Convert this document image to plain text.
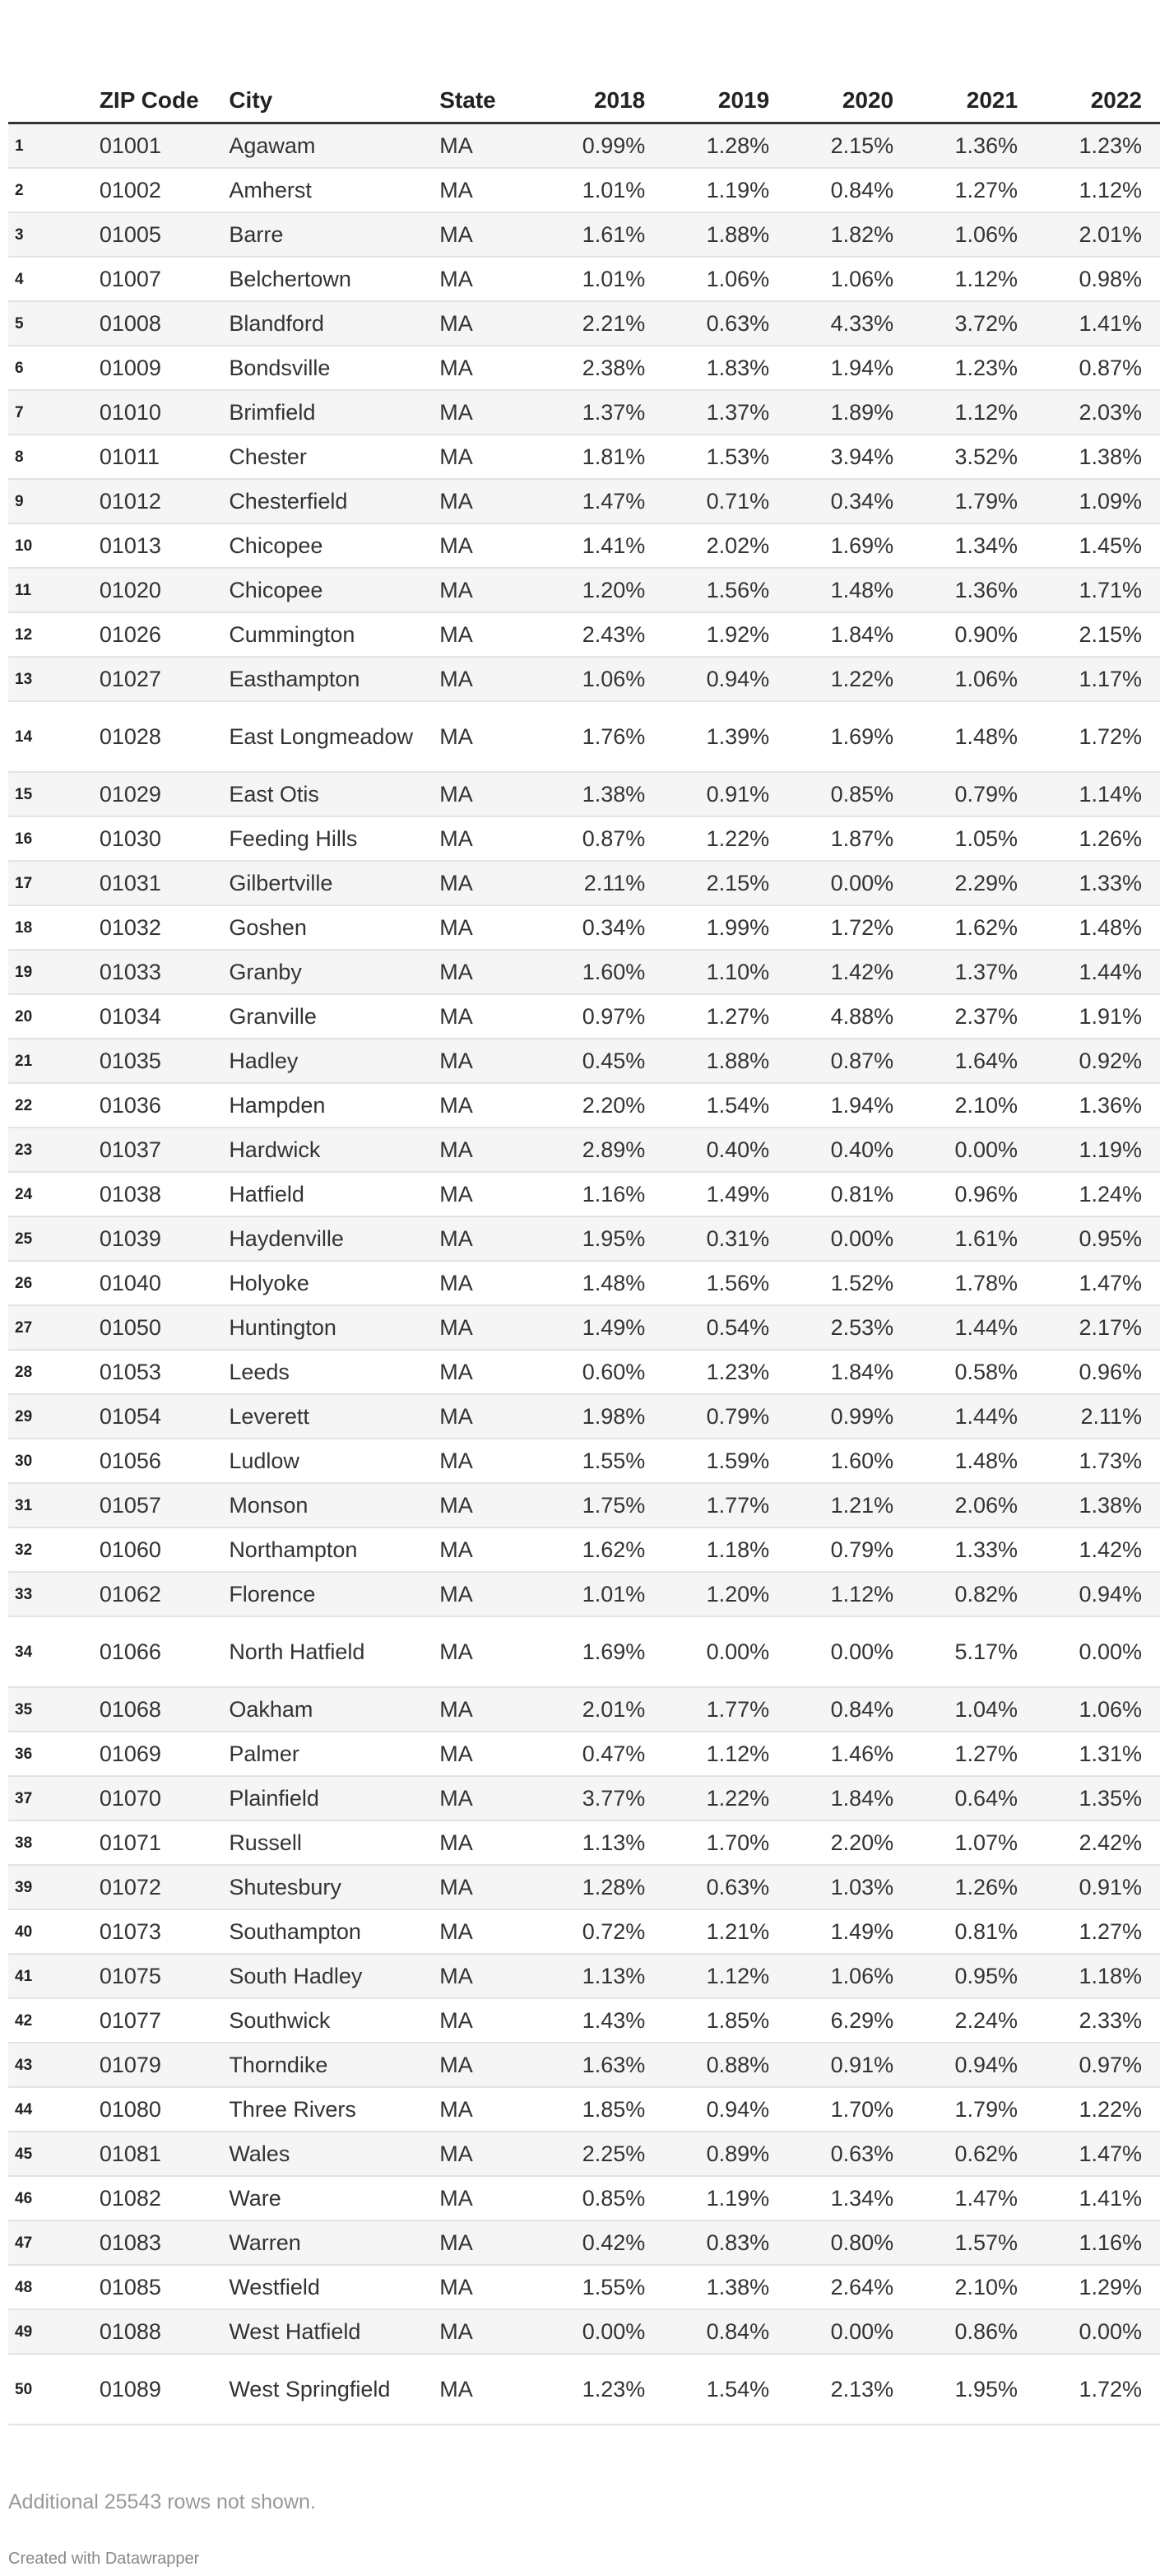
	ZIP Code	City	State	2018	2019	2020	2021	2022
1	01001	Agawam	MA	0.99%	1.28%	2.15%	1.36%	1.23%
2	01002	Amherst	MA	1.01%	1.19%	0.84%	1.27%	1.12%
3	01005	Barre	MA	1.61%	1.88%	1.82%	1.06%	2.01%
4	01007	Belchertown	MA	1.01%	1.06%	1.06%	1.12%	0.98%
5	01008	Blandford	MA	2.21%	0.63%	4.33%	3.72%	1.41%
6	01009	Bondsville	MA	2.38%	1.83%	1.94%	1.23%	0.87%
7	01010	Brimfield	MA	1.37%	1.37%	1.89%	1.12%	2.03%
8	01011	Chester	MA	1.81%	1.53%	3.94%	3.52%	1.38%
9	01012	Chesterfield	MA	1.47%	0.71%	0.34%	1.79%	1.09%
10	01013	Chicopee	MA	1.41%	2.02%	1.69%	1.34%	1.45%
11	01020	Chicopee	MA	1.20%	1.56%	1.48%	1.36%	1.71%
12	01026	Cummington	MA	2.43%	1.92%	1.84%	0.90%	2.15%
13	01027	Easthampton	MA	1.06%	0.94%	1.22%	1.06%	1.17%
14	01028	East Longmeadow	MA	1.76%	1.39%	1.69%	1.48%	1.72%
15	01029	East Otis	MA	1.38%	0.91%	0.85%	0.79%	1.14%
16	01030	Feeding Hills	MA	0.87%	1.22%	1.87%	1.05%	1.26%
17	01031	Gilbertville	MA	2.11%	2.15%	0.00%	2.29%	1.33%
18	01032	Goshen	MA	0.34%	1.99%	1.72%	1.62%	1.48%
19	01033	Granby	MA	1.60%	1.10%	1.42%	1.37%	1.44%
20	01034	Granville	MA	0.97%	1.27%	4.88%	2.37%	1.91%
21	01035	Hadley	MA	0.45%	1.88%	0.87%	1.64%	0.92%
22	01036	Hampden	MA	2.20%	1.54%	1.94%	2.10%	1.36%
23	01037	Hardwick	MA	2.89%	0.40%	0.40%	0.00%	1.19%
24	01038	Hatfield	MA	1.16%	1.49%	0.81%	0.96%	1.24%
25	01039	Haydenville	MA	1.95%	0.31%	0.00%	1.61%	0.95%
26	01040	Holyoke	MA	1.48%	1.56%	1.52%	1.78%	1.47%
27	01050	Huntington	MA	1.49%	0.54%	2.53%	1.44%	2.17%
28	01053	Leeds	MA	0.60%	1.23%	1.84%	0.58%	0.96%
29	01054	Leverett	MA	1.98%	0.79%	0.99%	1.44%	2.11%
30	01056	Ludlow	MA	1.55%	1.59%	1.60%	1.48%	1.73%
31	01057	Monson	MA	1.75%	1.77%	1.21%	2.06%	1.38%
32	01060	Northampton	MA	1.62%	1.18%	0.79%	1.33%	1.42%
33	01062	Florence	MA	1.01%	1.20%	1.12%	0.82%	0.94%
34	01066	North Hatfield	MA	1.69%	0.00%	0.00%	5.17%	0.00%
35	01068	Oakham	MA	2.01%	1.77%	0.84%	1.04%	1.06%
36	01069	Palmer	MA	0.47%	1.12%	1.46%	1.27%	1.31%
37	01070	Plainfield	MA	3.77%	1.22%	1.84%	0.64%	1.35%
38	01071	Russell	MA	1.13%	1.70%	2.20%	1.07%	2.42%
39	01072	Shutesbury	MA	1.28%	0.63%	1.03%	1.26%	0.91%
40	01073	Southampton	MA	0.72%	1.21%	1.49%	0.81%	1.27%
41	01075	South Hadley	MA	1.13%	1.12%	1.06%	0.95%	1.18%
42	01077	Southwick	MA	1.43%	1.85%	6.29%	2.24%	2.33%
43	01079	Thorndike	MA	1.63%	0.88%	0.91%	0.94%	0.97%
44	01080	Three Rivers	MA	1.85%	0.94%	1.70%	1.79%	1.22%
45	01081	Wales	MA	2.25%	0.89%	0.63%	0.62%	1.47%
46	01082	Ware	MA	0.85%	1.19%	1.34%	1.47%	1.41%
47	01083	Warren	MA	0.42%	0.83%	0.80%	1.57%	1.16%
48	01085	Westfield	MA	1.55%	1.38%	2.64%	2.10%	1.29%
49	01088	West Hatfield	MA	0.00%	0.84%	0.00%	0.86%	0.00%
50	01089	West Springfield	MA	1.23%	1.54%	2.13%	1.95%	1.72%
Additional 25543 rows not shown.
Created with Datawrapper
